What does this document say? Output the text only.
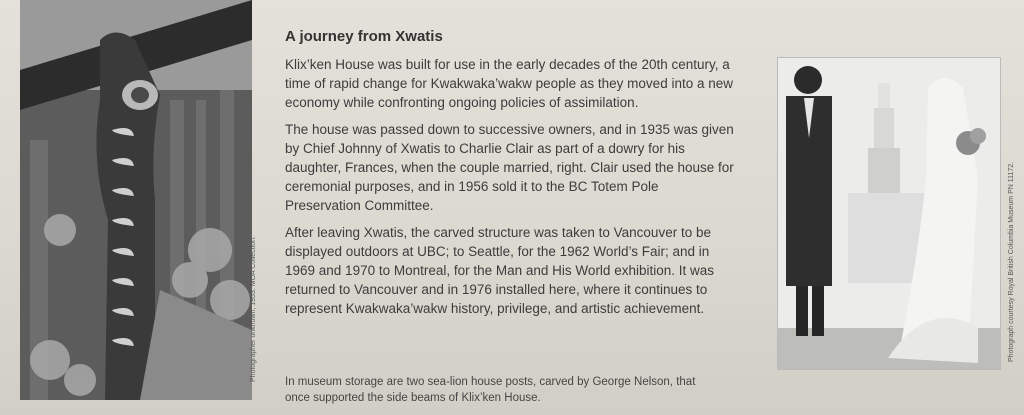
Photographer unknown, 1953. MOA Collection.
A journey from Xwatis

Klix’ken House was built for use in the early decades of the 20th century, a time of rapid change for Kwakwaka’wakw people as they moved into a new economy while confronting ongoing policies of assimilation.

The house was passed down to successive owners, and in 1935 was given by Chief Johnny of Xwatis to Charlie Clair as part of a dowry for his daughter, Frances, when the couple married, right. Clair used the house for ceremonial purposes, and in 1956 sold it to the BC Totem Pole Preservation Committee.

After leaving Xwatis, the carved structure was taken to Vancouver to be displayed outdoors at UBC; to Seattle, for the 1962 World’s Fair; and in 1969 and 1970 to Montreal, for the Man and His World exhibition. It was returned to Vancouver and in 1976 installed here, where it continues to represent Kwakwaka’wakw history, privilege, and artistic achievement.

In museum storage are two sea-lion house posts, carved by George Nelson, that once supported the side beams of Klix’ken House.
Photograph courtesy Royal British Columbia Museum PN 11172.
